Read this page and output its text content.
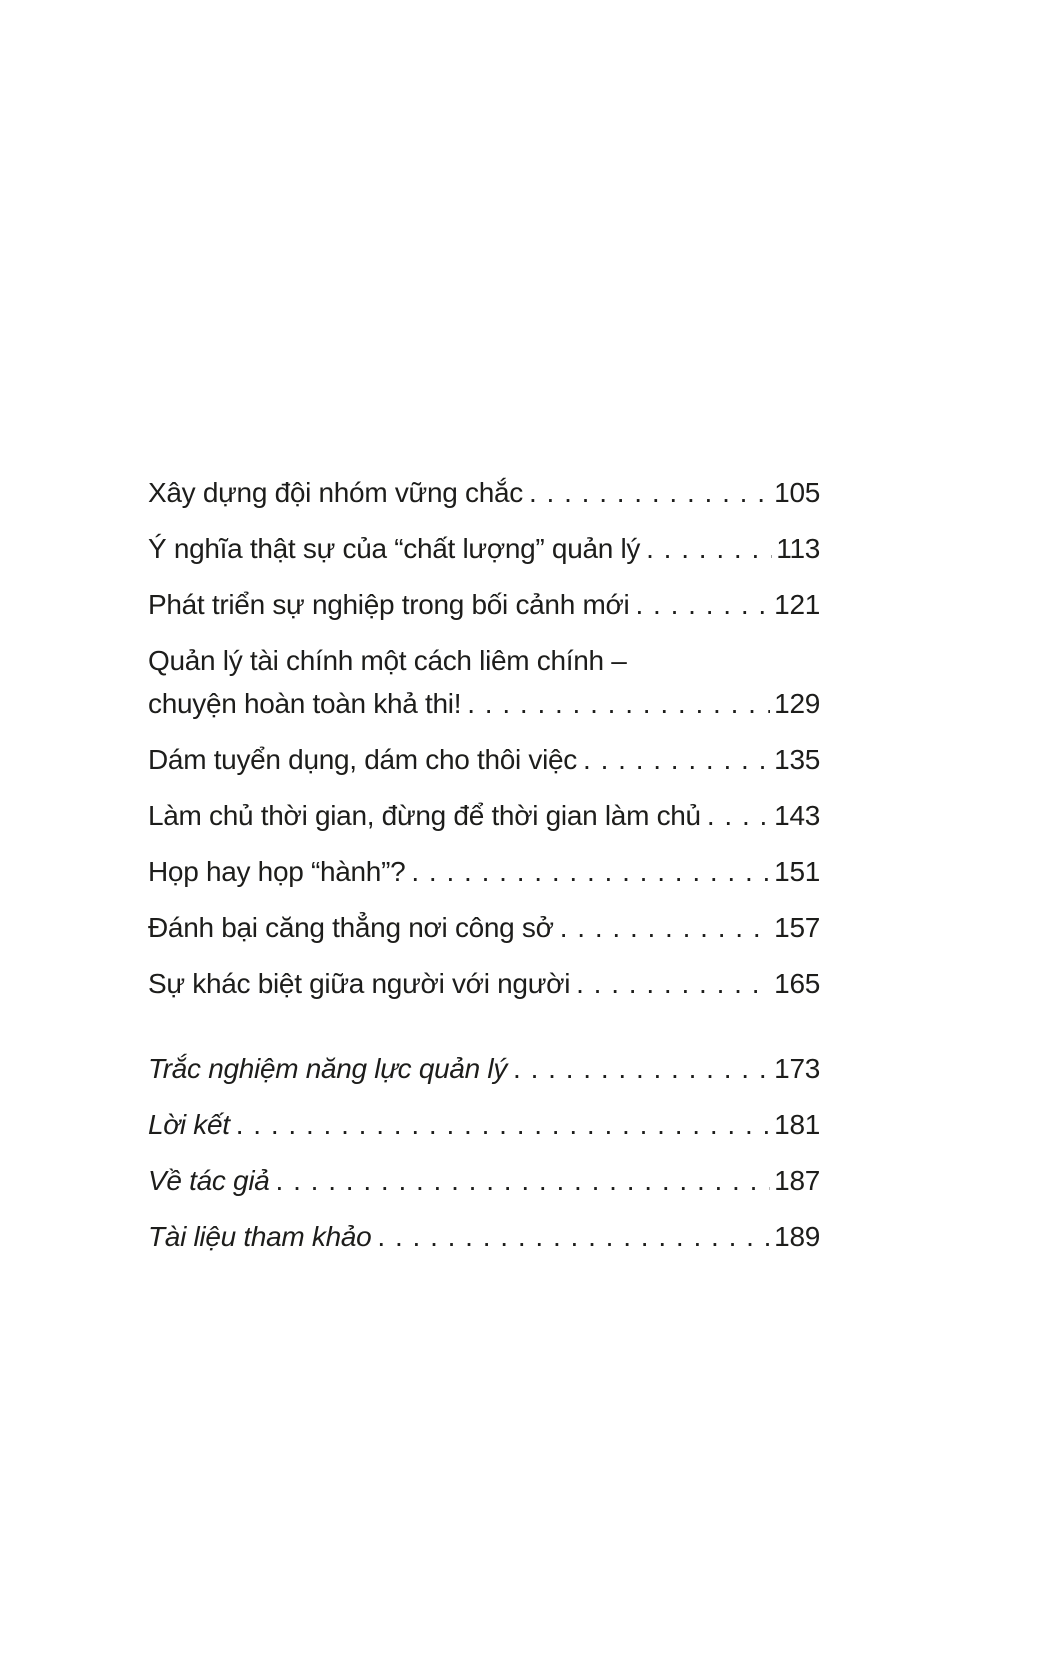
Xây dựng đội nhóm vững chắc . . .	105
Ý nghĩa thật sự của “chất lượng” quản lý . . .	113
Phát triển sự nghiệp trong bối cảnh mới . . .	121
Quản lý tài chính một cách liêm chính –
chuyện hoàn toàn khả thi! . . .	129
Dám tuyển dụng, dám cho thôi việc . . .	135
Làm chủ thời gian, đừng để thời gian làm chủ . . .	143
Họp hay họp “hành”? . . .	151
Đánh bại căng thẳng nơi công sở . . .	157
Sự khác biệt giữa người với người . . .	165
Trắc nghiệm năng lực quản lý . . .	173
Lời kết . . .	181
Về tác giả . . .	187
Tài liệu tham khảo . . .	189
